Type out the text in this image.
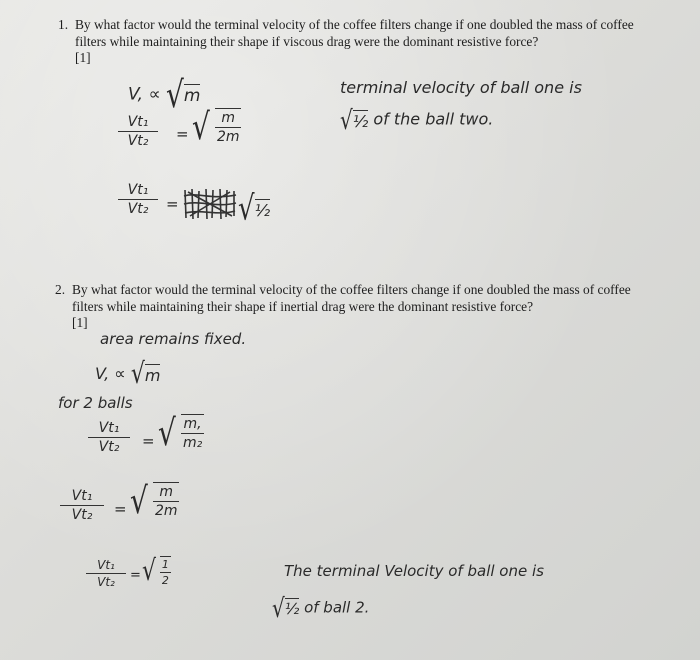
1. By what factor would the terminal velocity of the coffee filters change if one doubled the mass of coffee filters while maintaining their shape if viscous drag were the dominant resistive force?
[1]
V, ∝ √m
Vt₁
Vt₂	= √ $\frac{m}{2m}$
Vt₁
Vt₂	= √½
terminal velocity of ball one is
√½ of the ball two.
2. By what factor would the terminal velocity of the coffee filters change if one doubled the mass of coffee filters while maintaining their shape if inertial drag were the dominant resistive force?
[1]
area remains fixed.
V, ∝ √m
for 2 balls
Vt₁
Vt₂	= √ $\frac{m,}{\text{m₂}}$
Vt₁
Vt₂	= √ $\frac{m}{2m}$
Vt₁
Vt₂	= √ $\frac{1}{2}$	The terminal Velocity of ball one is
√½ of ball 2.
